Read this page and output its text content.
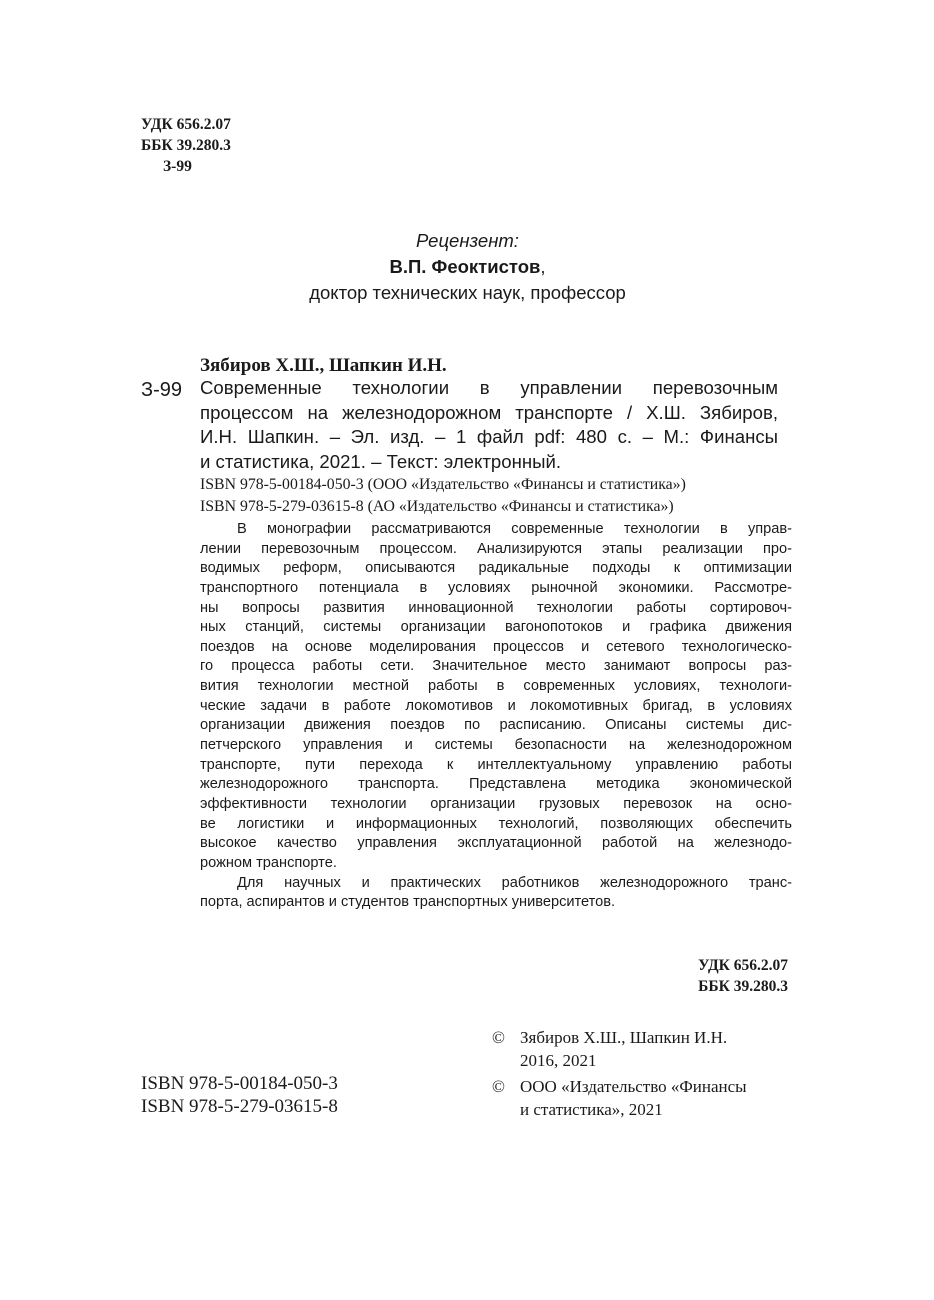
УДК 656.2.07
ББК 39.280.3
З-99
Рецензент:
В.П. Феоктистов,
доктор технических наук, профессор
Зябиров Х.Ш., Шапкин И.Н.
З-99 Современные технологии в управлении перевозочным
процессом на железнодорожном транспорте / Х.Ш. Зябиров,
И.Н. Шапкин. – Эл. изд. – 1 файл pdf: 480 с. – М.: Финансы
и статистика, 2021. – Текст: электронный.
ISBN 978-5-00184-050-3 (ООО «Издательство «Финансы и статистика»)
ISBN 978-5-279-03615-8 (АО «Издательство «Финансы и статистика»)
В монографии рассматриваются современные технологии в управ-
лении перевозочным процессом. Анализируются этапы реализации про-
водимых реформ, описываются радикальные подходы к оптимизации
транспортного потенциала в условиях рыночной экономики. Рассмотре-
ны вопросы развития инновационной технологии работы сортировоч-
ных станций, системы организации вагонопотоков и графика движения
поездов на основе моделирования процессов и сетевого технологическо-
го процесса работы сети. Значительное место занимают вопросы раз-
вития технологии местной работы в современных условиях, технологи-
ческие задачи в работе локомотивов и локомотивных бригад, в условиях
организации движения поездов по расписанию. Описаны системы дис-
петчерского управления и системы безопасности на железнодорожном
транспорте, пути перехода к интеллектуальному управлению работы
железнодорожного транспорта. Представлена методика экономической
эффективности технологии организации грузовых перевозок на осно-
ве логистики и информационных технологий, позволяющих обеспечить
высокое качество управления эксплуатационной работой на железнодо-
рожном транспорте.
Для научных и практических работников железнодорожного транс-
порта, аспирантов и студентов транспортных университетов.
УДК 656.2.07
ББК 39.280.3
© Зябиров Х.Ш., Шапкин И.Н.
2016, 2021
© ООО «Издательство «Финансы
и статистика», 2021
ISBN 978-5-00184-050-3
ISBN 978-5-279-03615-8
